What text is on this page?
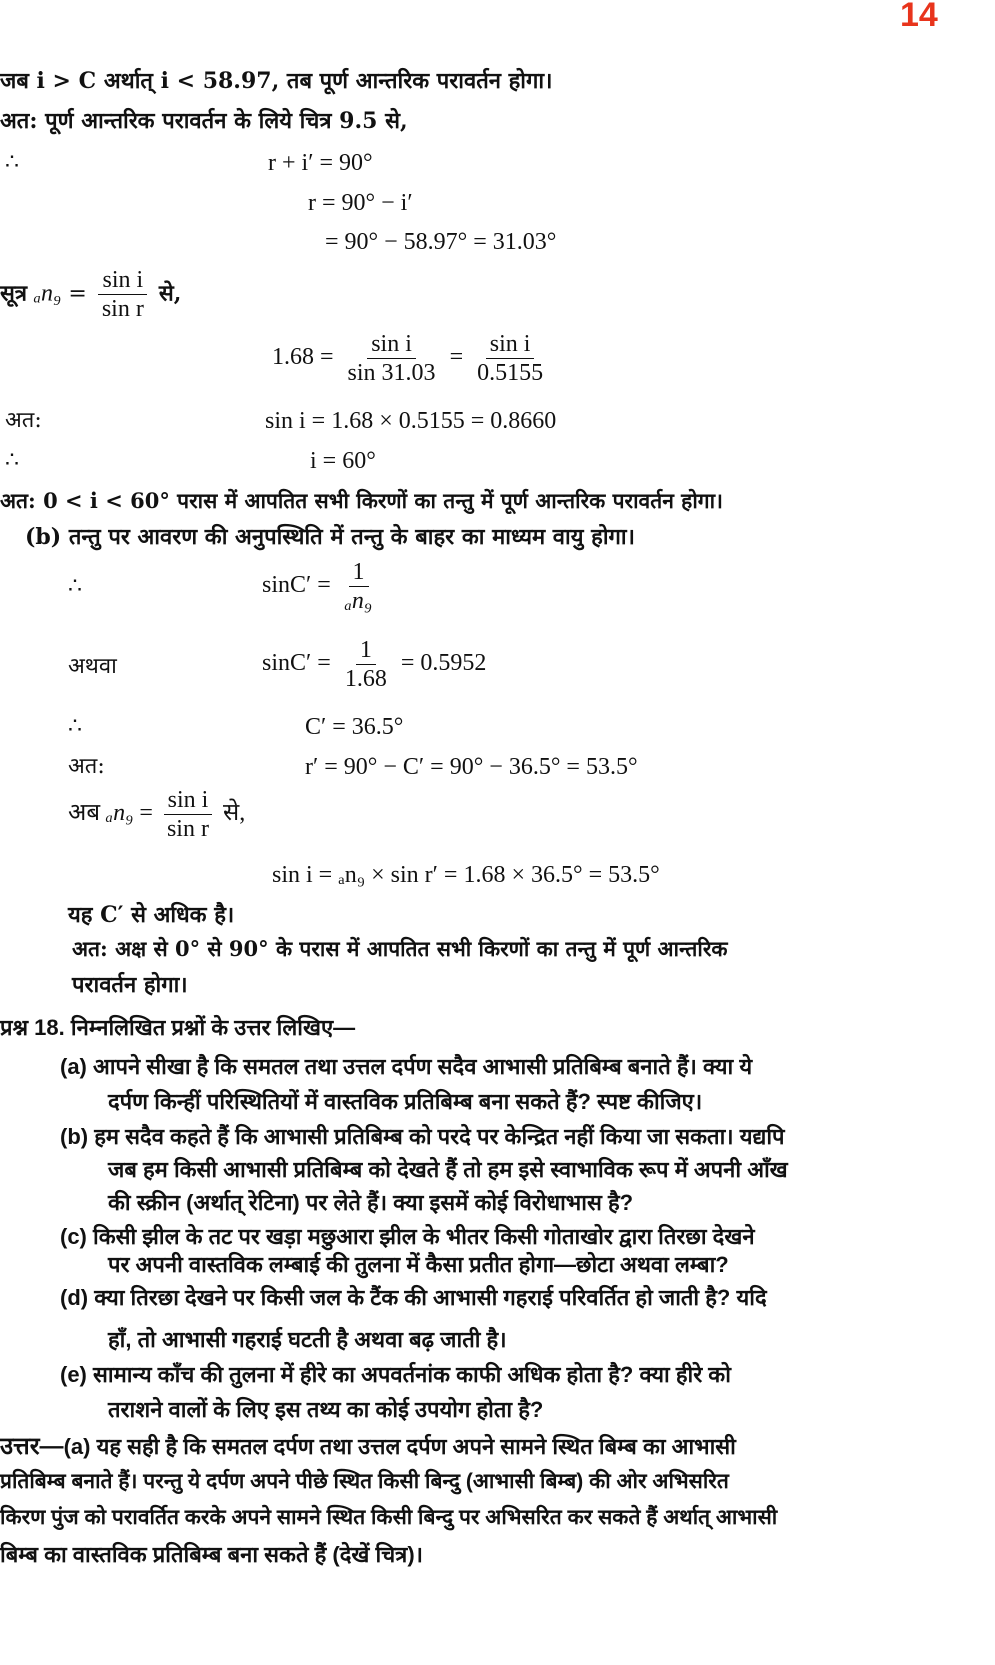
14
जब i > C अर्थात् i < 58.97, तब पूर्ण आन्तरिक परावर्तन होगा।
अत: पूर्ण आन्तरिक परावर्तन के लिये चित्र 9.5 से,
∴	r + i′ = 90°
r = 90° − i′
= 90° − 58.97° = 31.03°
सूत्र $_an_9 = \frac{\text{sin i}}{\text{sin r}}$ से,
$1.68 = \frac{\text{sin i}}{\sin 31.03} = \frac{\text{sin i}}{0.5155}$
अत:	sin i = 1.68 × 0.5155 = 0.8660
∴	i = 60°
अत: 0 < i < 60° परास में आपतित सभी किरणों का तन्तु में पूर्ण आन्तरिक परावर्तन होगा।
(b) तन्तु पर आवरण की अनुपस्थिति में तन्तु के बाहर का माध्यम वायु होगा।
∴	$\sin C' = \frac{1}{\text{ₐn₉}}$
अथवा	$\sin C' = \frac{1}{1.68} = 0.5952$
∴	C′ = 36.5°
अत:	r′ = 90° − C′ = 90° − 36.5° = 53.5°
अब $_an_9 = \frac{\text{sin i}}{\text{sin r}}$ से,
sin i = ₐn₉ × sin r′ = 1.68 × 36.5° = 53.5°
यह C′ से अधिक है।
अत: अक्ष से 0° से 90° के परास में आपतित सभी किरणों का तन्तु में पूर्ण आन्तरिक
परावर्तन होगा।
प्रश्न 18. निम्नलिखित प्रश्नों के उत्तर लिखिए—
(a) आपने सीखा है कि समतल तथा उत्तल दर्पण सदैव आभासी प्रतिबिम्ब बनाते हैं। क्या ये
दर्पण किन्हीं परिस्थितियों में वास्तविक प्रतिबिम्ब बना सकते हैं? स्पष्ट कीजिए।
(b) हम सदैव कहते हैं कि आभासी प्रतिबिम्ब को परदे पर केन्द्रित नहीं किया जा सकता। यद्यपि
जब हम किसी आभासी प्रतिबिम्ब को देखते हैं तो हम इसे स्वाभाविक रूप में अपनी आँख
की स्क्रीन (अर्थात् रेटिना) पर लेते हैं। क्या इसमें कोई विरोधाभास है?
(c) किसी झील के तट पर खड़ा मछुआरा झील के भीतर किसी गोताखोर द्वारा तिरछा देखने
पर अपनी वास्तविक लम्बाई की तुलना में कैसा प्रतीत होगा—छोटा अथवा लम्बा?
(d) क्या तिरछा देखने पर किसी जल के टैंक की आभासी गहराई परिवर्तित हो जाती है? यदि
हाँ, तो आभासी गहराई घटती है अथवा बढ़ जाती है।
(e) सामान्य काँच की तुलना में हीरे का अपवर्तनांक काफी अधिक होता है? क्या हीरे को
तराशने वालों के लिए इस तथ्य का कोई उपयोग होता है?
उत्तर—(a) यह सही है कि समतल दर्पण तथा उत्तल दर्पण अपने सामने स्थित बिम्ब का आभासी
प्रतिबिम्ब बनाते हैं। परन्तु ये दर्पण अपने पीछे स्थित किसी बिन्दु (आभासी बिम्ब) की ओर अभिसरित
किरण पुंज को परावर्तित करके अपने सामने स्थित किसी बिन्दु पर अभिसरित कर सकते हैं अर्थात् आभासी
बिम्ब का वास्तविक प्रतिबिम्ब बना सकते हैं (देखें चित्र)।
